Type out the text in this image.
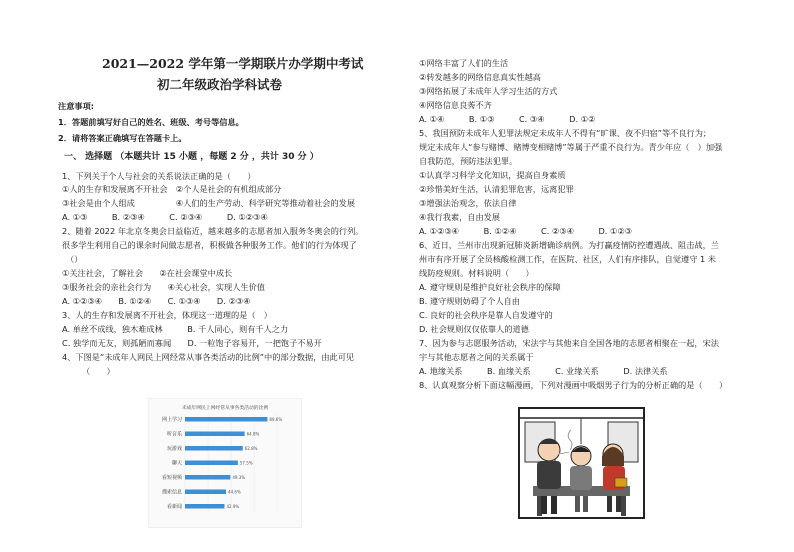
2021—2022 学年第一学期联片办学期中考试
初二年级政治学科试卷
注意事项:
1．答题前填写好自己的姓名、班级、考号等信息。
2．请将答案正确填写在答题卡上。
一、 选择题 （本题共计 15 小题 ，每题 2 分 ，共计 30 分 ）
1、下列关于个人与社会的关系说法正确的是（　　）
①人的生存和发展离不开社会　②个人是社会的有机组成部分
③社会是由个人组成　　　　　④人们的生产劳动、科学研究等推动着社会的发展
A. ①③　　　B. ②③④　　　C. ②③④　　　D. ①②③④
2、随着 2022 年北京冬奥会日益临近，越来越多的志愿者加入服务冬奥会的行列。
很多学生利用自己的课余时间做志愿者，积极做各种服务工作。他们的行为体现了
（）
①关注社会，了解社会　　②在社会课堂中成长
③服务社会的亲社会行为　　④关心社会，实现人生价值
A. ①②③④　　B. ①②④　　C. ①③④　　D. ②③④
3、人的生存和发展离不开社会，体现这一道理的是（　）
A. 单丝不成线，独木难成林　　　B. 千人同心，则有千人之力
C. 独学而无友，则孤陋而寡闻　　D. 一粒饱子容易开，一把饱子不易开
4、下图是“未成年人网民上网经常从事各类活动的比例”中的部分数据，由此可见
（　　）
未成年网民上网经常从事各类活动的比例
网上学习	89.6%
听音乐	64.8%
玩游戏	62.8%
聊天	57.5%
看短视频	49.3%
搜索信息	44.6%
看新闻	42.9%
①网络丰富了人们的生活
②转发越多的网络信息真实性越高
③网络拓展了未成年人学习生活的方式
④网络信息良莠不齐
A. ①④　　　B. ①③　　　C. ③④　　　D. ①②
5、我国预防未成年人犯罪法规定未成年人不得有“旷课、夜不归宿”等不良行为；
规定未成年人“参与赌博、赌博变相赌博”等属于严重不良行为。青少年应（　）加强
自我防范，预防违法犯罪。
①认真学习科学文化知识，提高自身素质
②珍惜美好生活，认清犯罪危害，远离犯罪
③增强法治观念，依法自律
④我行我素，自由发展
A. ①②③④　　　B. ①②④　　　C. ②③④　　　D. ①②③
6、近日，兰州市出现新冠肺炎新增确诊病例。为打赢疫情防控遭遇战、阻击战，兰
州市有序开展了全员核酸检测工作，在医院、社区，人们有序排队，自觉遵守 1 米
线防疫规则。材料说明（　　）
A. 遵守规则是维护良好社会秩序的保障
B. 遵守规则妨碍了个人自由
C. 良好的社会秩序是靠人自发遵守的
D. 社会规则仅仅依靠人的道德
7、因为参与志愿服务活动，宋法宇与其他来自全国各地的志愿者相聚在一起，宋法
宇与其他志愿者之间的关系属于
A. 地缘关系　　　B. 血缘关系　　　C. 业缘关系　　　D. 法律关系
8、认真观察分析下面这幅漫画，下列对漫画中吸烟男子行为的分析正确的是（　　）
